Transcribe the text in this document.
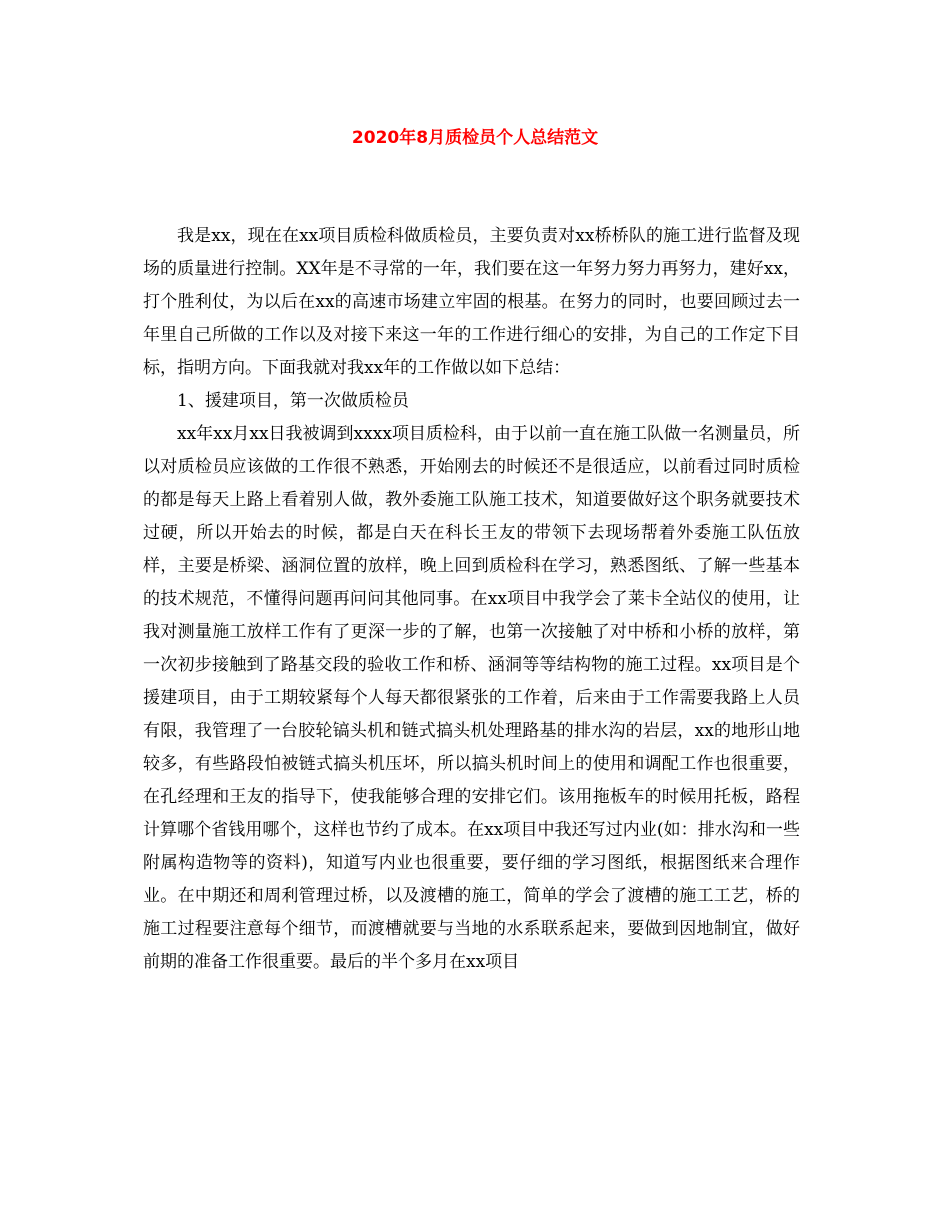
2020年8月质检员个人总结范文

我是xx，现在在xx项目质检科做质检员，主要负责对xx桥桥队的施工进行监督及现场的质量进行控制。XX年是不寻常的一年，我们要在这一年努力努力再努力，建好xx，打个胜利仗，为以后在xx的高速市场建立牢固的根基。在努力的同时，也要回顾过去一年里自己所做的工作以及对接下来这一年的工作进行细心的安排，为自己的工作定下目标，指明方向。下面我就对我xx年的工作做以如下总结：

1、援建项目，第一次做质检员

xx年xx月xx日我被调到xxxx项目质检科，由于以前一直在施工队做一名测量员，所以对质检员应该做的工作很不熟悉，开始刚去的时候还不是很适应，以前看过同时质检的都是每天上路上看着别人做，教外委施工队施工技术，知道要做好这个职务就要技术过硬，所以开始去的时候，都是白天在科长王友的带领下去现场帮着外委施工队伍放样，主要是桥梁、涵洞位置的放样，晚上回到质检科在学习，熟悉图纸、了解一些基本的技术规范，不懂得问题再问问其他同事。在xx项目中我学会了莱卡全站仪的使用，让我对测量施工放样工作有了更深一步的了解，也第一次接触了对中桥和小桥的放样，第一次初步接触到了路基交段的验收工作和桥、涵洞等等结构物的施工过程。xx项目是个援建项目，由于工期较紧每个人每天都很紧张的工作着，后来由于工作需要我路上人员有限，我管理了一台胶轮镐头机和链式搞头机处理路基的排水沟的岩层，xx的地形山地较多，有些路段怕被链式搞头机压坏，所以搞头机时间上的使用和调配工作也很重要，在孔经理和王友的指导下，使我能够合理的安排它们。该用拖板车的时候用托板，路程计算哪个省钱用哪个，这样也节约了成本。在xx项目中我还写过内业(如：排水沟和一些附属构造物等的资料)，知道写内业也很重要，要仔细的学习图纸，根据图纸来合理作业。在中期还和周利管理过桥，以及渡槽的施工，简单的学会了渡槽的施工工艺，桥的施工过程要注意每个细节，而渡槽就要与当地的水系联系起来，要做到因地制宜，做好前期的准备工作很重要。最后的半个多月在xx项目
